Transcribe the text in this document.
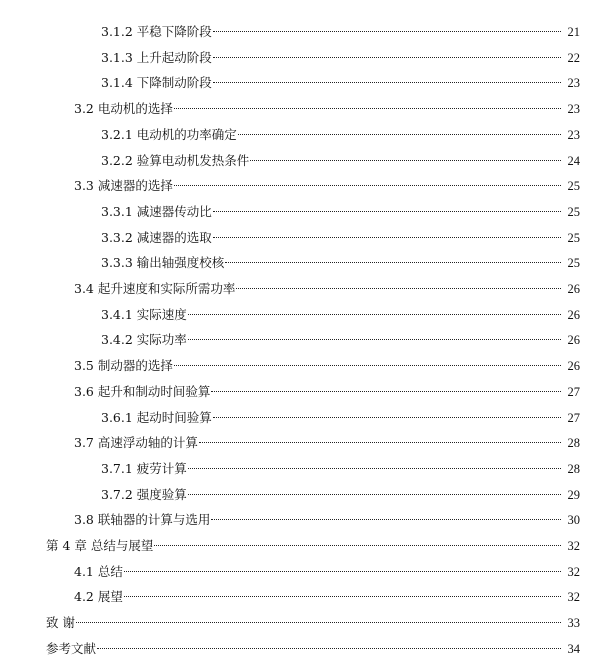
3.1.2 平稳下降阶段	21
3.1.3 上升起动阶段	22
3.1.4 下降制动阶段	23
3.2 电动机的选择	23
3.2.1 电动机的功率确定	23
3.2.2 验算电动机发热条件	24
3.3 减速器的选择	25
3.3.1 减速器传动比	25
3.3.2 减速器的选取	25
3.3.3 输出轴强度校核	25
3.4 起升速度和实际所需功率	26
3.4.1 实际速度	26
3.4.2 实际功率	26
3.5 制动器的选择	26
3.6 起升和制动时间验算	27
3.6.1 起动时间验算	27
3.7 高速浮动轴的计算	28
3.7.1 疲劳计算	28
3.7.2 强度验算	29
3.8 联轴器的计算与选用	30
第 4 章 总结与展望	32
4.1 总结	32
4.2 展望	32
致 谢	33
参考文献	34
